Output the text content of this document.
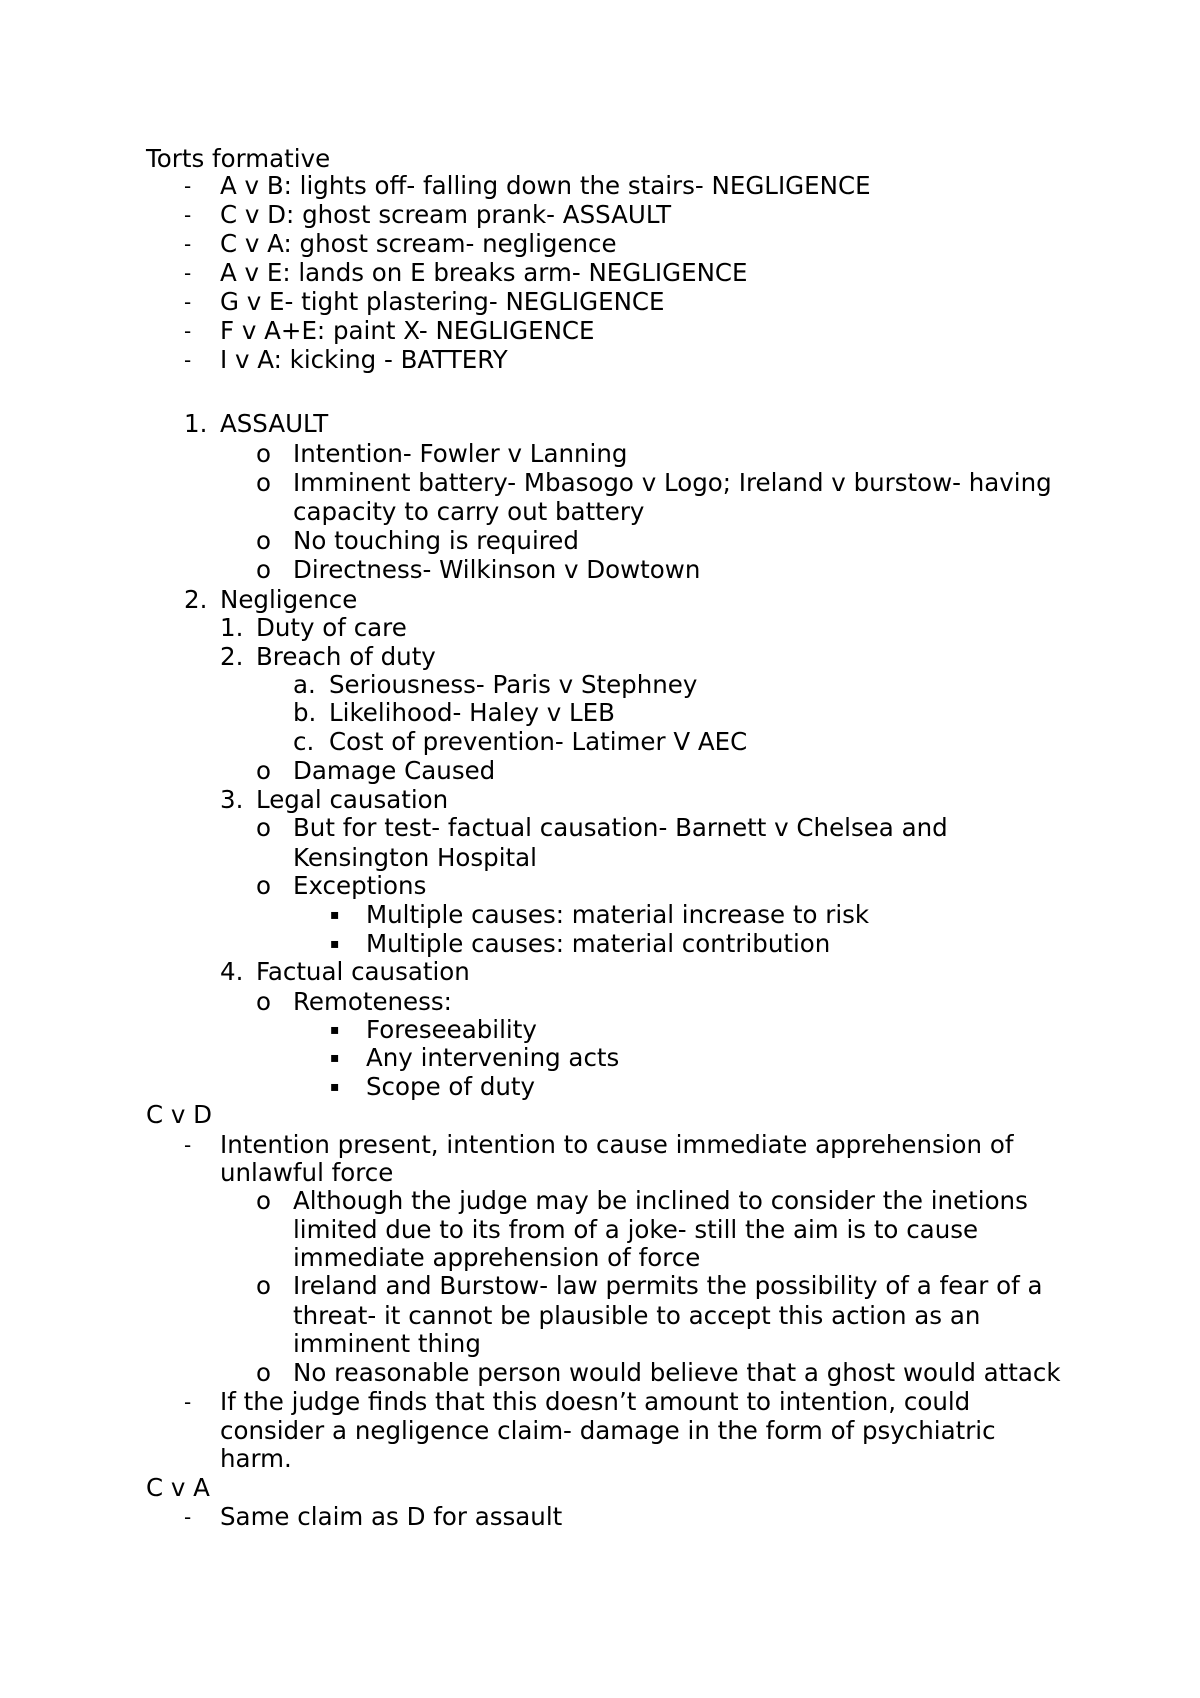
Torts formative
- A v B: lights off- falling down the stairs- NEGLIGENCE
- C v D: ghost scream prank- ASSAULT
- C v A: ghost scream- negligence
- A v E: lands on E breaks arm- NEGLIGENCE
- G v E- tight plastering- NEGLIGENCE
- F v A+E: paint X- NEGLIGENCE
- I v A: kicking - BATTERY
1. ASSAULT
o Intention- Fowler v Lanning
o Imminent battery- Mbasogo v Logo; Ireland v burstow- having
capacity to carry out battery
o No touching is required
o Directness- Wilkinson v Dowtown
2. Negligence
1. Duty of care
2. Breach of duty
a. Seriousness- Paris v Stephney
b. Likelihood- Haley v LEB
c. Cost of prevention- Latimer V AEC
o Damage Caused
3. Legal causation
o But for test- factual causation- Barnett v Chelsea and
Kensington Hospital
o Exceptions
▪ Multiple causes: material increase to risk
▪ Multiple causes: material contribution
4. Factual causation
o Remoteness:
▪ Foreseeability
▪ Any intervening acts
▪ Scope of duty
C v D
- Intention present, intention to cause immediate apprehension of
unlawful force
o Although the judge may be inclined to consider the inetions
limited due to its from of a joke- still the aim is to cause
immediate apprehension of force
o Ireland and Burstow- law permits the possibility of a fear of a
threat- it cannot be plausible to accept this action as an
imminent thing
o No reasonable person would believe that a ghost would attack
- If the judge finds that this doesn’t amount to intention, could
consider a negligence claim- damage in the form of psychiatric
harm.
C v A
- Same claim as D for assault
